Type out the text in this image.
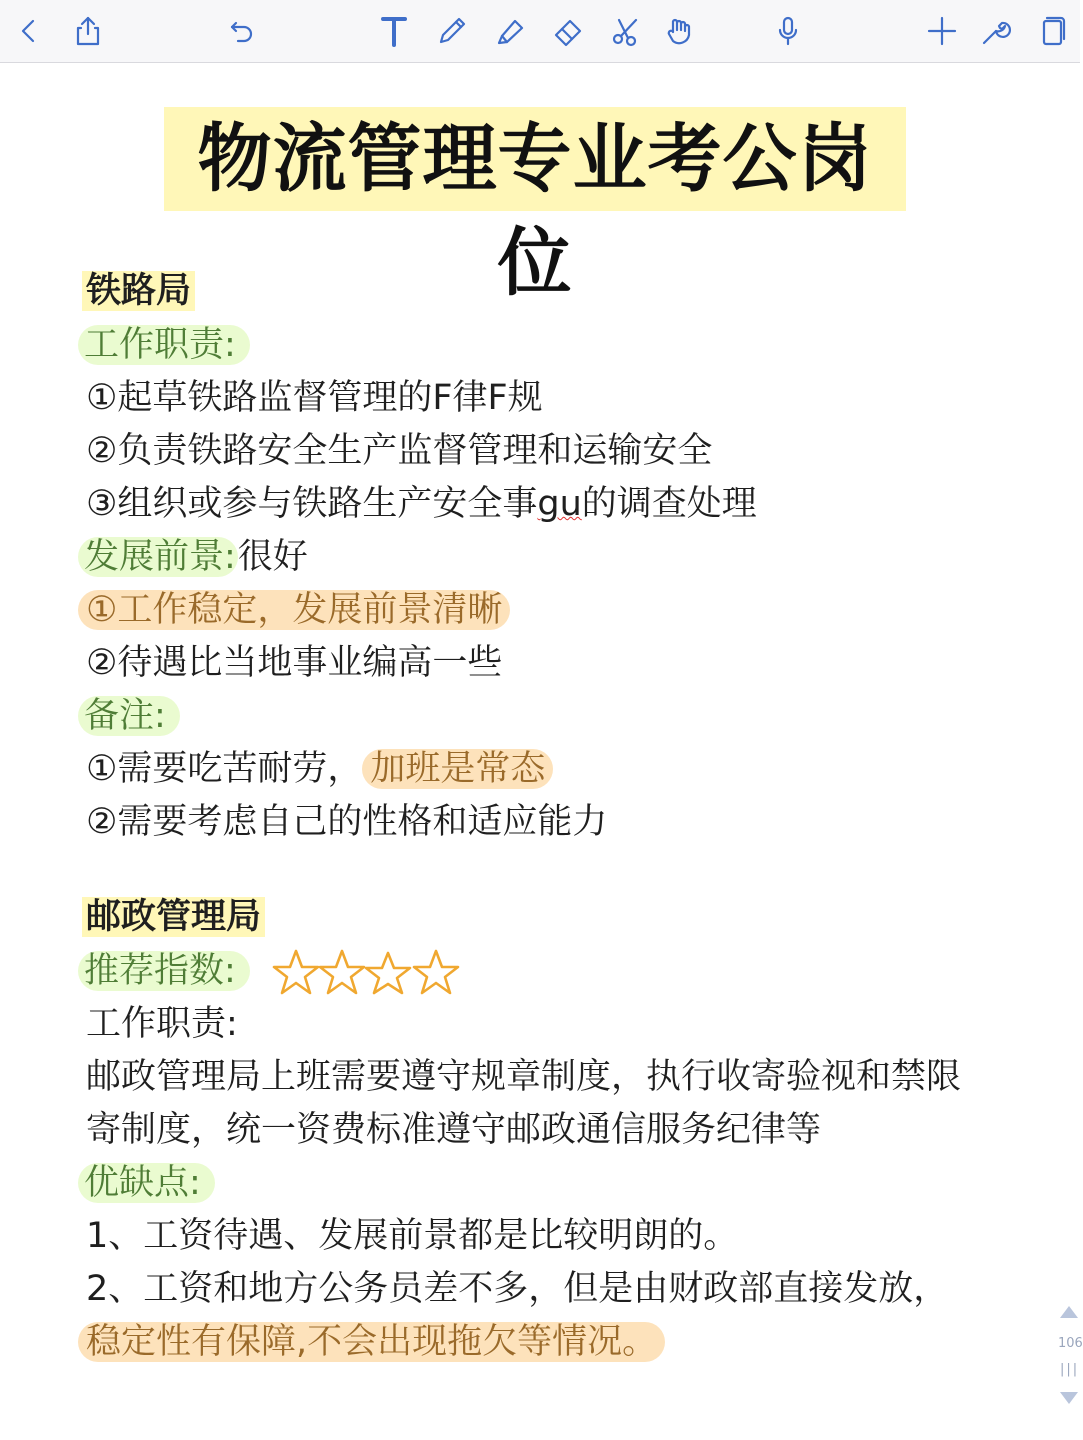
物流管理专业考公岗位
铁路局
工作职责:
①起草铁路监督管理的F律F规
②负责铁路安全生产监督管理和运输安全
③组织或参与铁路生产安全事gu的调查处理
发展前景:很好
①工作稳定，发展前景清晰
②待遇比当地事业编高一些
备注:
①需要吃苦耐劳， 加班是常态
②需要考虑自己的性格和适应能力
邮政管理局
推荐指数:
工作职责:
邮政管理局上班需要遵守规章制度，执行收寄验视和禁限
寄制度，统一资费标准遵守邮政通信服务纪律等
优缺点:
1、工资待遇、发展前景都是比较明朗的。
2、工资和地方公务员差不多，但是由财政部直接发放，
稳定性有保障,不会出现拖欠等情况。	106
|||
